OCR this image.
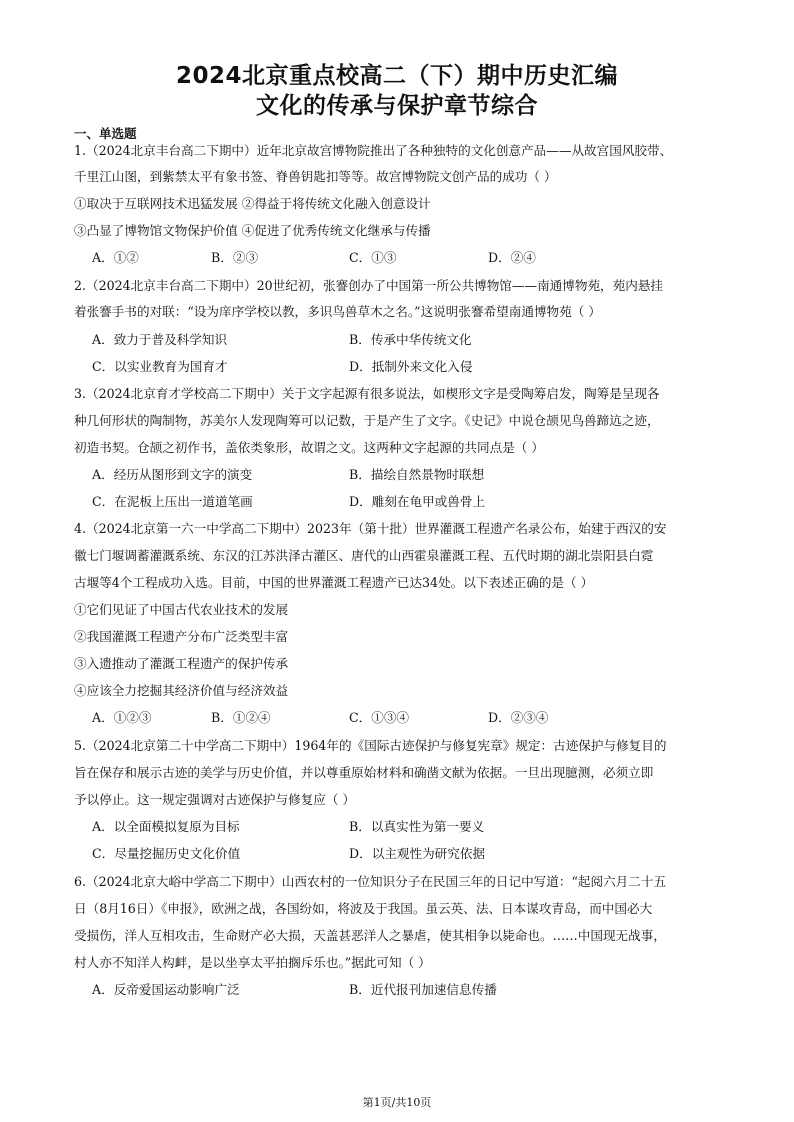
2024北京重点校高二（下）期中历史汇编
文化的传承与保护章节综合
一、单选题
1.（2024北京丰台高二下期中）近年北京故宫博物院推出了各种独特的文化创意产品——从故宫国风胶带、
千里江山图，到紫禁太平有象书签、脊兽钥匙扣等等。故宫博物院文创产品的成功（ ）
①取决于互联网技术迅猛发展 ②得益于将传统文化融入创意设计
③凸显了博物馆文物保护价值 ④促进了优秀传统文化继承与传播
A．①②	B．②③	C．①③	D．②④
2.（2024北京丰台高二下期中）20世纪初，张謇创办了中国第一所公共博物馆——南通博物苑，苑内悬挂
着张謇手书的对联：“设为庠序学校以教，多识鸟兽草木之名。”这说明张謇希望南通博物苑（ ）
A．致力于普及科学知识	B．传承中华传统文化
C．以实业教育为国育才	D．抵制外来文化入侵
3.（2024北京育才学校高二下期中）关于文字起源有很多说法，如楔形文字是受陶筹启发，陶筹是呈现各
种几何形状的陶制物，苏美尔人发现陶筹可以记数，于是产生了文字。《史记》中说仓颉见鸟兽蹄迒之迹，
初造书契。仓颉之初作书，盖依类象形，故谓之文。这两种文字起源的共同点是（ ）
A．经历从图形到文字的演变	B．描绘自然景物时联想
C．在泥板上压出一道道笔画	D．雕刻在龟甲或兽骨上
4.（2024北京第一六一中学高二下期中）2023年（第十批）世界灌溉工程遗产名录公布，始建于西汉的安
徽七门堰调蓄灌溉系统、东汉的江苏洪泽古灌区、唐代的山西霍泉灌溉工程、五代时期的湖北崇阳县白霓
古堰等4个工程成功入选。目前，中国的世界灌溉工程遗产已达34处。以下表述正确的是（ ）
①它们见证了中国古代农业技术的发展
②我国灌溉工程遗产分布广泛类型丰富
③入遗推动了灌溉工程遗产的保护传承
④应该全力挖掘其经济价值与经济效益
A．①②③	B．①②④	C．①③④	D．②③④
5.（2024北京第二十中学高二下期中）1964年的《国际古迹保护与修复宪章》规定：古迹保护与修复目的
旨在保存和展示古迹的美学与历史价值，并以尊重原始材料和确凿文献为依据。一旦出现臆测，必须立即
予以停止。这一规定强调对古迹保护与修复应（ ）
A．以全面模拟复原为目标	B．以真实性为第一要义
C．尽量挖掘历史文化价值	D．以主观性为研究依据
6.（2024北京大峪中学高二下期中）山西农村的一位知识分子在民国三年的日记中写道：“起阅六月二十五
日（8月16日）《申报》，欧洲之战，各国纷如，将波及于我国。虽云英、法、日本谋攻青岛，而中国必大
受损伤，洋人互相攻击，生命财产必大损，天盖甚恶洋人之暴虐，使其相争以毙命也。……中国现无战事，
村人亦不知洋人构衅，是以坐享太平拍搁斥乐也。”据此可知（ ）
A．反帝爱国运动影响广泛	B．近代报刊加速信息传播
第1页/共10页
